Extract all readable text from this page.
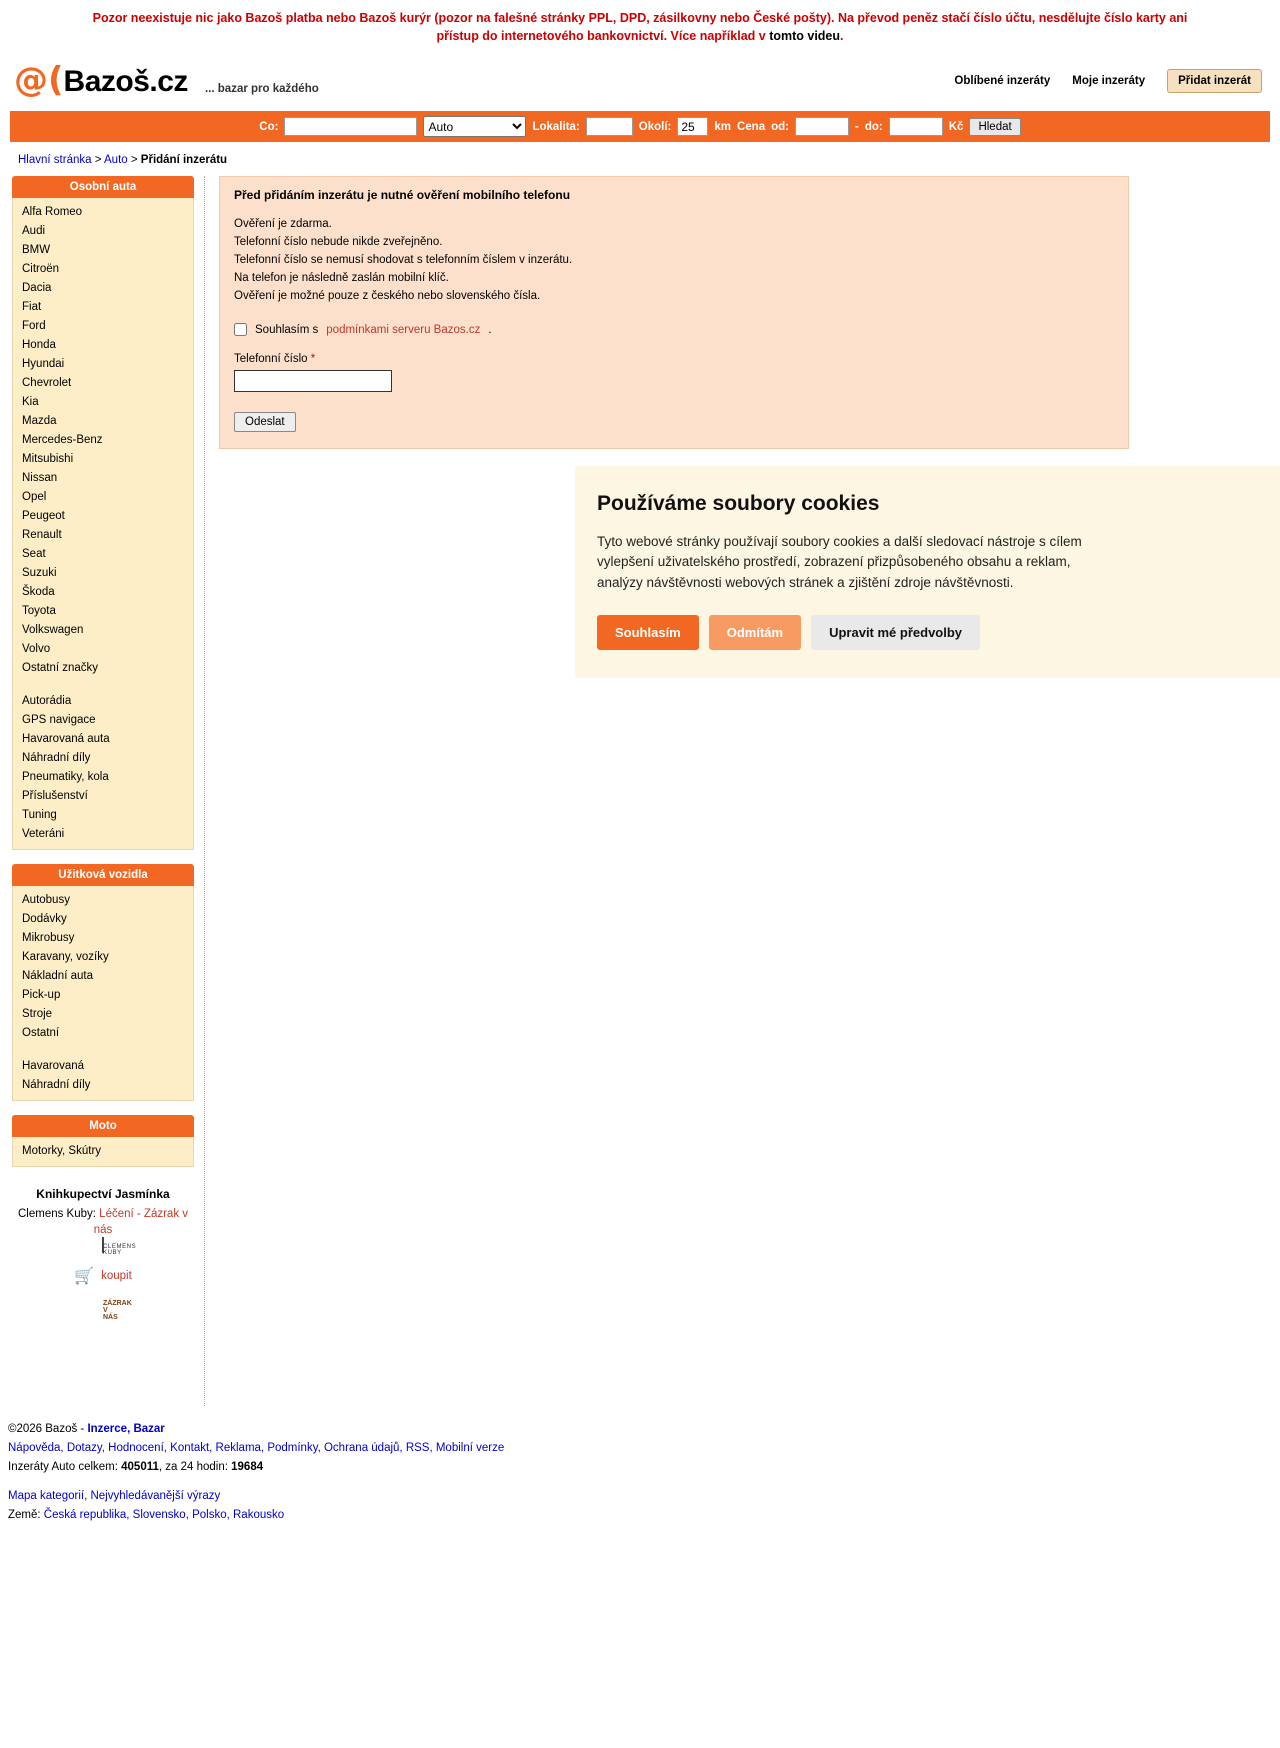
Pozor neexistuje nic jako Bazoš platba nebo Bazoš kurýr (pozor na falešné stránky PPL, DPD, zásilkovny nebo České pošty). Na převod peněz stačí číslo účtu, nesdělujte číslo karty ani přístup do internetového bankovnictví. Více například v tomto videu.
@( Bazoš.cz ... bazar pro každého
Oblíbené inzeráty Moje inzeráty	Přidat inzerát
Co:
Auto	Lokalita:	Okolí:
25	km Cena od:	- do:	Kč	Hledat
Hlavní stránka > Auto > Přidání inzerátu
Osobní auta
Alfa Romeo
Audi
BMW
Citroën
Dacia
Fiat
Ford
Honda
Hyundai
Chevrolet
Kia
Mazda
Mercedes-Benz
Mitsubishi
Nissan
Opel
Peugeot
Renault
Seat
Suzuki
Škoda
Toyota
Volkswagen
Volvo
Ostatní značky
Autorádia
GPS navigace
Havarovaná auta
Náhradní díly
Pneumatiky, kola
Příslušenství
Tuning
Veteráni
Užitková vozidla
Autobusy
Dodávky
Mikrobusy
Karavany, vozíky
Nákladní auta
Pick-up
Stroje
Ostatní
Havarovaná
Náhradní díly
Moto
Motorky, Skútry
Knihkupectví Jasmínka
Clemens Kuby: Léčení - Zázrak v nás
🛒 koupit
Před přidáním inzerátu je nutné ověření mobilního telefonu

Ověření je zdarma.

Telefonní číslo nebude nikde zveřejněno.

Telefonní číslo se nemusí shodovat s telefonním číslem v inzerátu.

Na telefon je následně zaslán mobilní klíč.

Ověření je možné pouze z českého nebo slovenského čísla.

Souhlasím s podmínkami serveru Bazos.cz .
Telefonní číslo *
Odeslat
Používáme soubory cookies

Tyto webové stránky používají soubory cookies a další sledovací nástroje s cílem vylepšení uživatelského prostředí, zobrazení přizpůsobeného obsahu a reklam, analýzy návštěvnosti webových stránek a zjištění zdroje návštěvnosti.

Souhlasím	Odmítám	Upravit mé předvolby
©2026 Bazoš - Inzerce, Bazar
Nápověda, Dotazy, Hodnocení, Kontakt, Reklama, Podmínky, Ochrana údajů, RSS, Mobilní verze
Inzeráty Auto celkem: 405011, za 24 hodin: 19684
Mapa kategorií, Nejvyhledávanější výrazy
Země: Česká republika, Slovensko, Polsko, Rakousko
